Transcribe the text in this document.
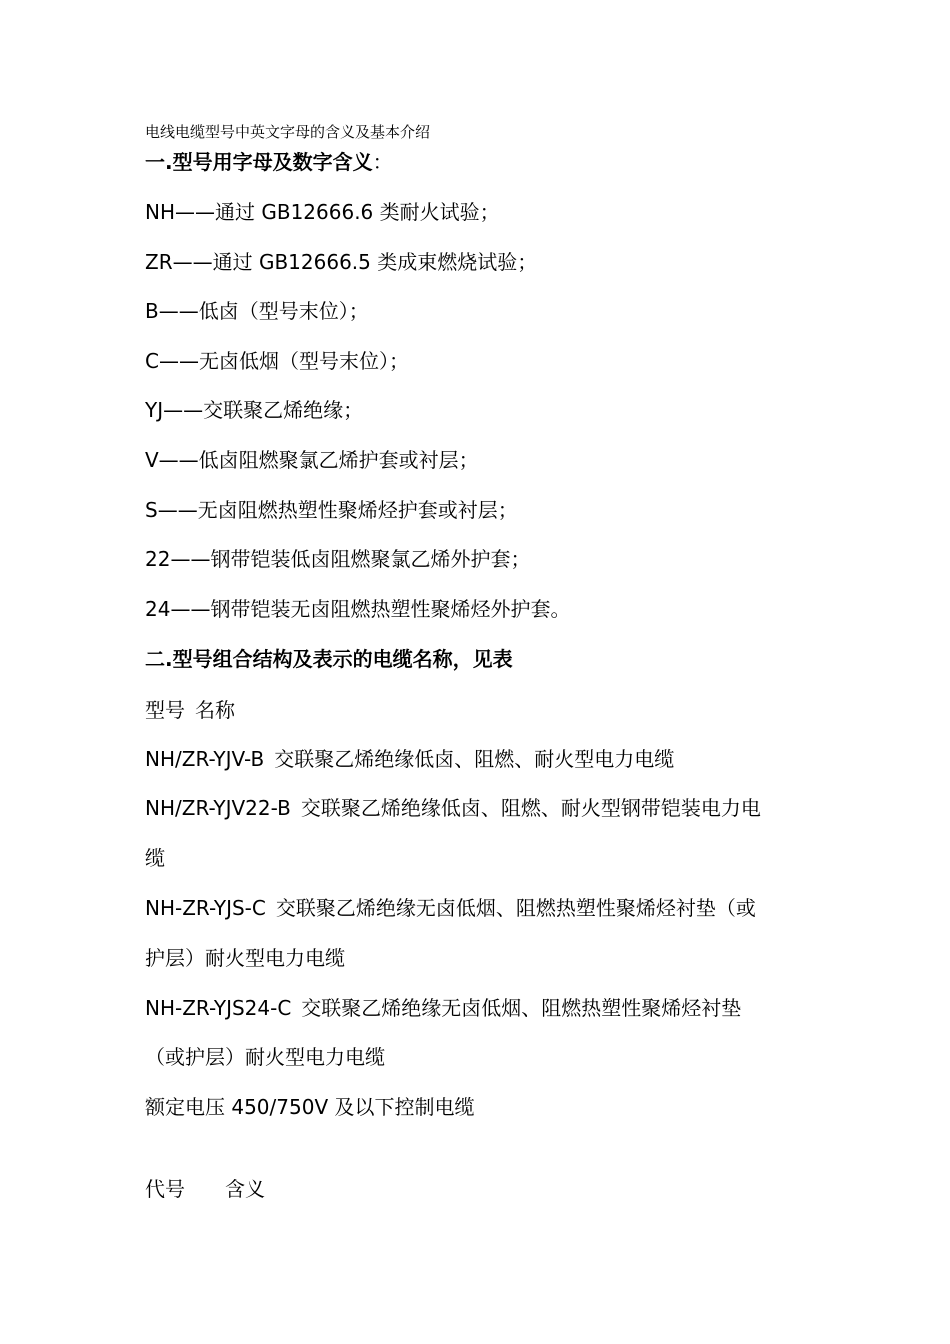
电线电缆型号中英文字母的含义及基本介绍
一.型号用字母及数字含义：
NH——通过 GB12666.6 类耐火试验；
ZR——通过 GB12666.5 类成束燃烧试验；
B——低卤（型号末位）；
C——无卤低烟（型号末位）；
YJ——交联聚乙烯绝缘；
V——低卤阻燃聚氯乙烯护套或衬层；
S——无卤阻燃热塑性聚烯烃护套或衬层；
22——钢带铠装低卤阻燃聚氯乙烯外护套；
24——钢带铠装无卤阻燃热塑性聚烯烃外护套。
二.型号组合结构及表示的电缆名称，见表
型号 名称
NH/ZR-YJV-B 交联聚乙烯绝缘低卤、阻燃、耐火型电力电缆
NH/ZR-YJV22-B 交联聚乙烯绝缘低卤、阻燃、耐火型钢带铠装电力电
缆
NH-ZR-YJS-C 交联聚乙烯绝缘无卤低烟、阻燃热塑性聚烯烃衬垫（或
护层）耐火型电力电缆
NH-ZR-YJS24-C 交联聚乙烯绝缘无卤低烟、阻燃热塑性聚烯烃衬垫
（或护层）耐火型电力电缆
额定电压 450/750V 及以下控制电缆
代号 含义
